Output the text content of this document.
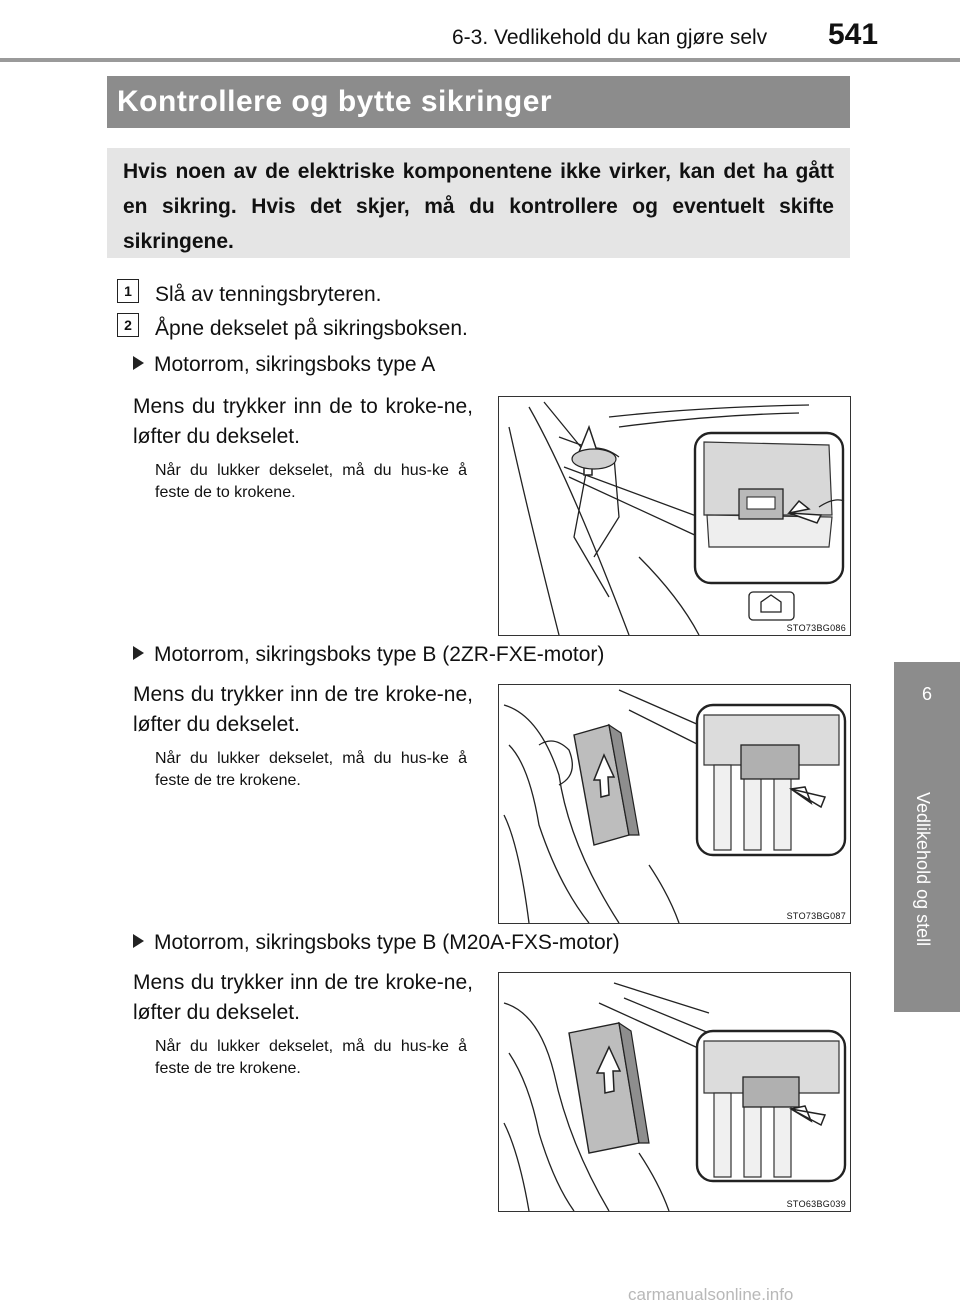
6-3. Vedlikehold du kan gjøre selv 541
Kontrollere og bytte sikringer
Hvis noen av de elektriske komponentene ikke virker, kan det ha gått en sikring. Hvis det skjer, må du kontrollere og eventuelt skifte sikringene.
6
Vedlikehold og stell
1	Slå av tenningsbryteren.
2	Åpne dekselet på sikringsboksen.
Motorrom, sikringsboks type A
Mens du trykker inn de to kroke-ne, løfter du dekselet.
Når du lukker dekselet, må du hus-ke å feste de to krokene.
STO73BG086
Motorrom, sikringsboks type B (2ZR-FXE-motor)
Mens du trykker inn de tre kroke-ne, løfter du dekselet.
Når du lukker dekselet, må du hus-ke å feste de tre krokene.
STO73BG087
Motorrom, sikringsboks type B (M20A-FXS-motor)
Mens du trykker inn de tre kroke-ne, løfter du dekselet.
Når du lukker dekselet, må du hus-ke å feste de tre krokene.
STO63BG039
carmanualsonline.info
